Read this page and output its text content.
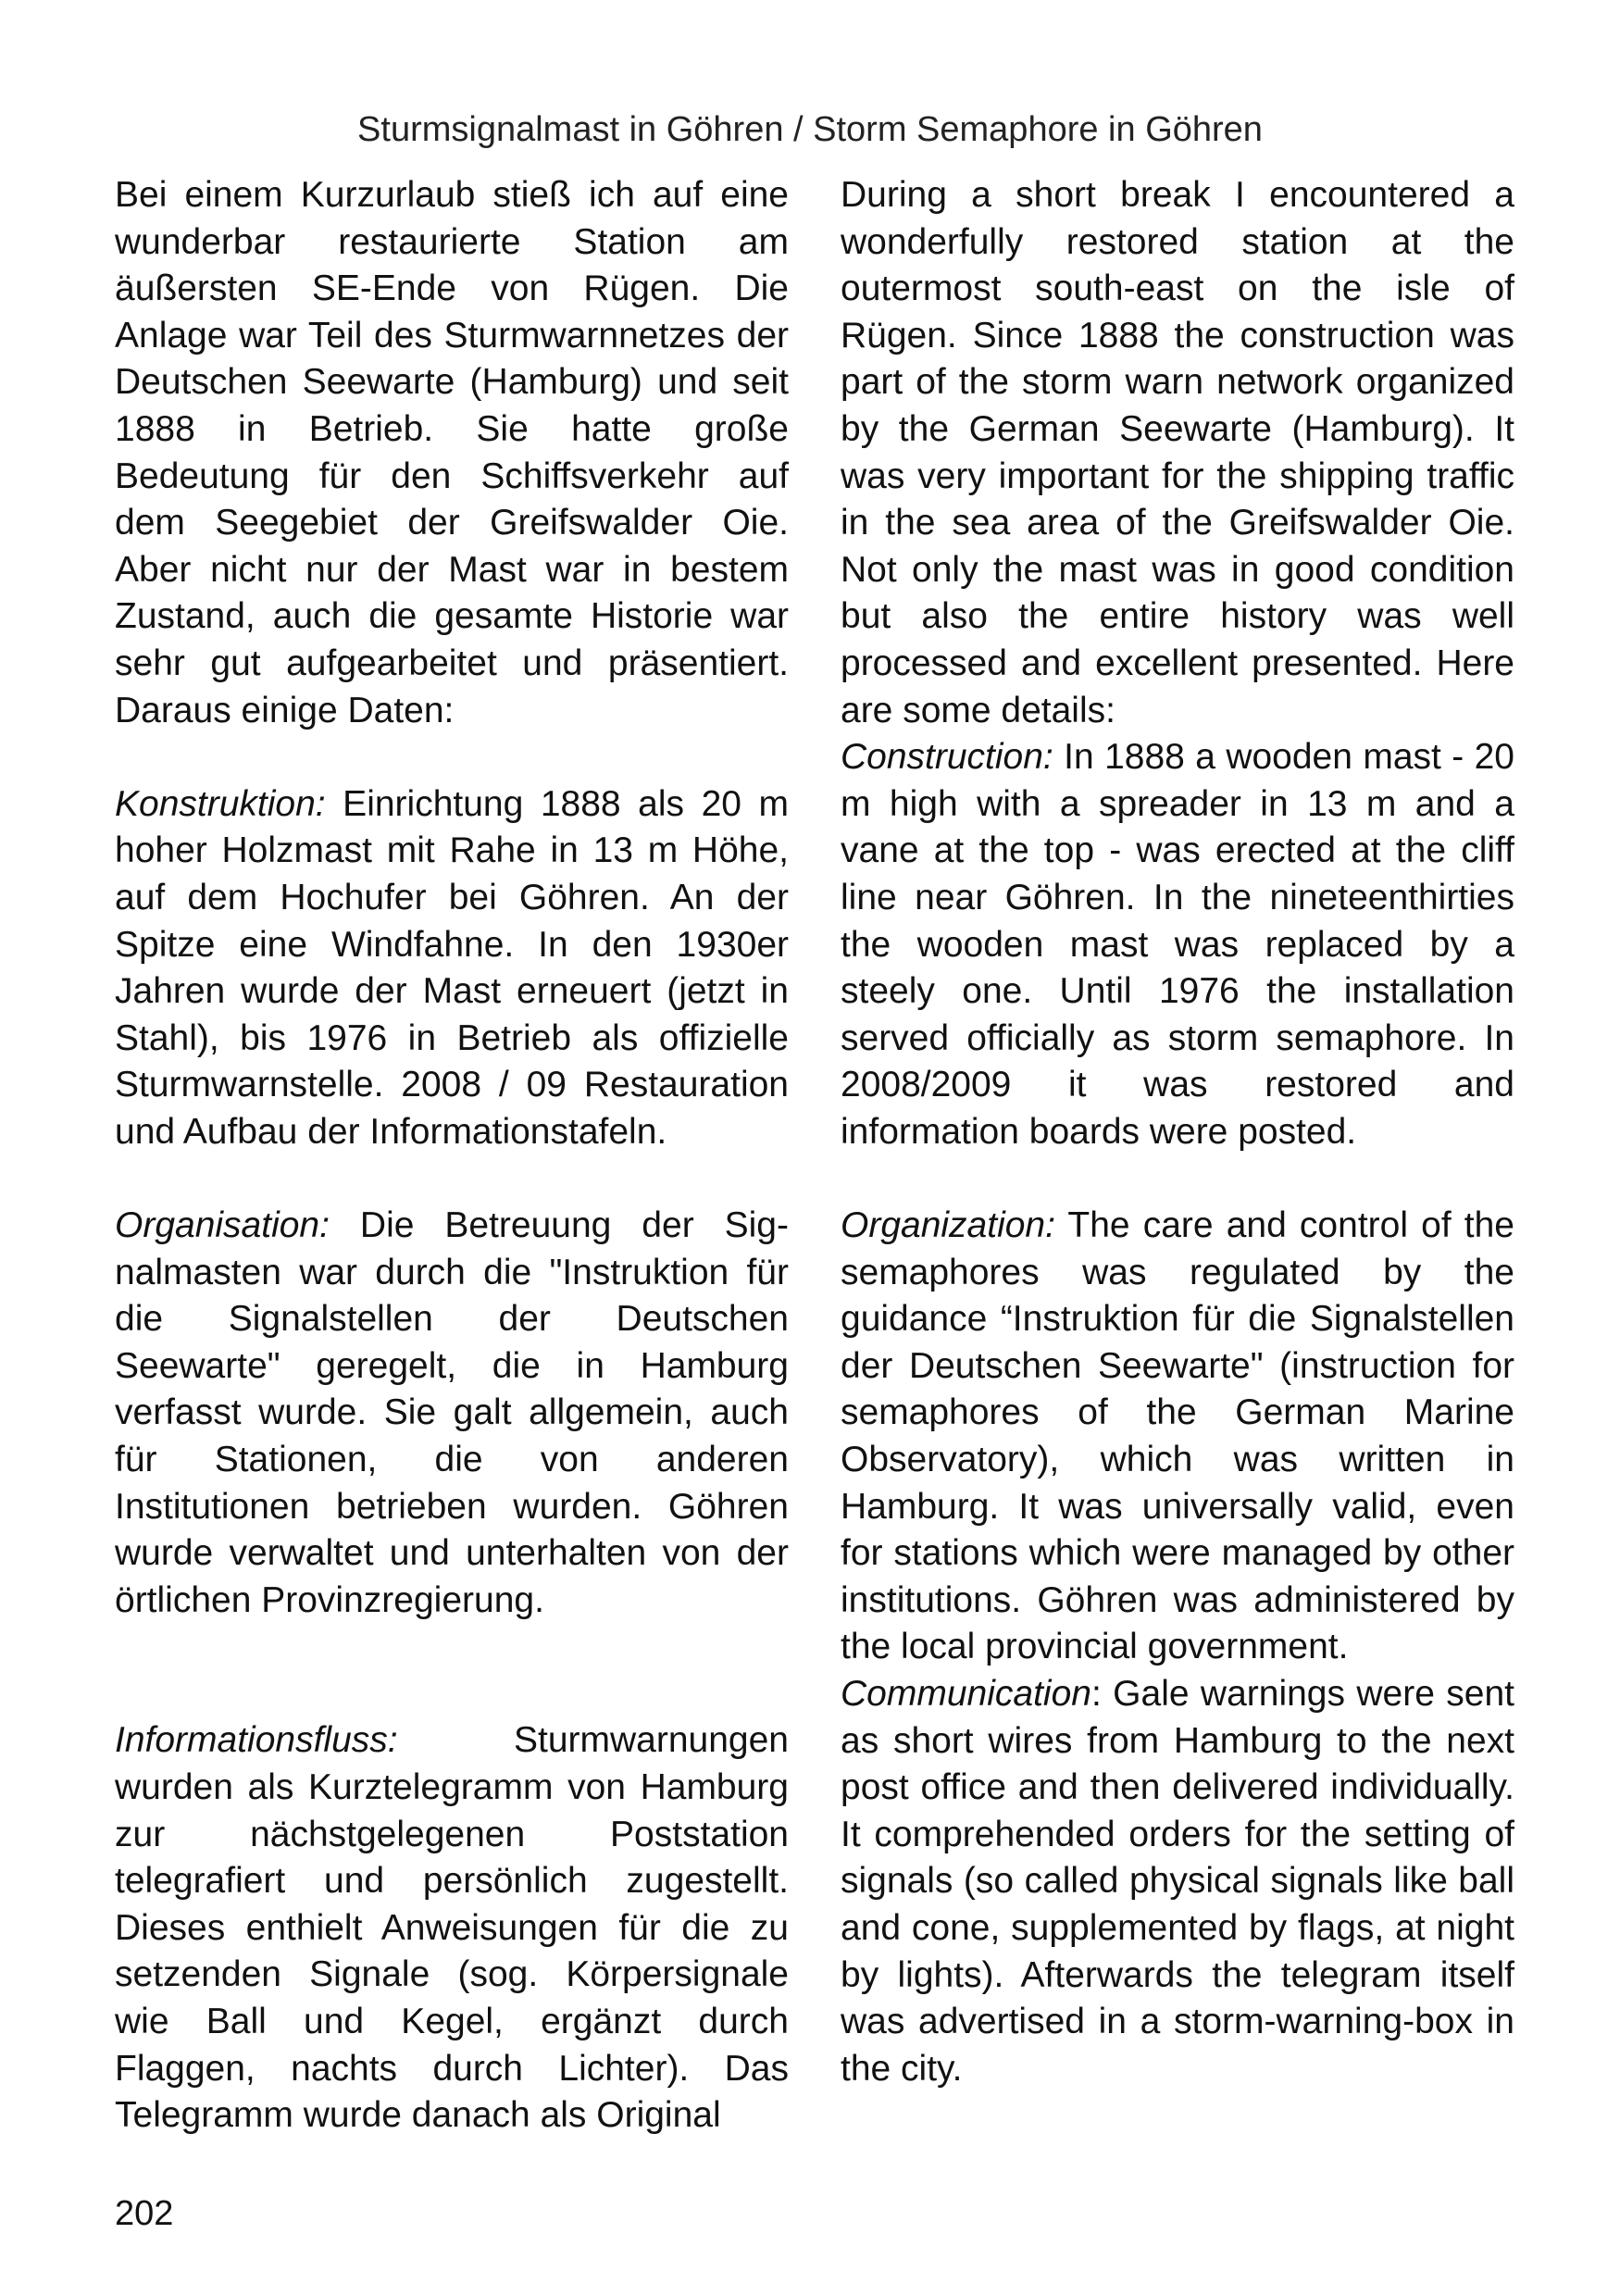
Sturmsignalmast in Göhren / Storm Semaphore in Göhren

Bei einem Kurzurlaub stieß ich auf eine wunderbar restaurierte Station am äußersten SE-Ende von Rügen. Die Anlage war Teil des Sturmwarnnetzes der Deutschen Seewarte (Hamburg) und seit 1888 in Betrieb. Sie hatte große Bedeutung für den Schiffsverkehr auf dem Seegebiet der Greifswalder Oie. Aber nicht nur der Mast war in bestem Zustand, auch die gesamte Historie war sehr gut aufgearbeitet und präsentiert. Daraus einige Daten:

Konstruktion: Einrichtung 1888 als 20 m hoher Holzmast mit Rahe in 13 m Höhe, auf dem Hochufer bei Göhren. An der Spitze eine Windfahne. In den 1930er Jahren wurde der Mast erneuert (jetzt in Stahl), bis 1976 in Betrieb als offizielle Sturmwarnstelle. 2008 / 09 Restauration und Aufbau der Informationstafeln.

Organisation: Die Betreuung der Signalmasten war durch die "Instruktion für die Signalstellen der Deutschen Seewarte" geregelt, die in Hamburg verfasst wurde. Sie galt allgemein, auch für Stationen, die von anderen Institutionen betrieben wurden. Göhren wurde verwaltet und unterhalten von der örtlichen Provinzregierung.

Informationsfluss: Sturmwarnungen wurden als Kurztelegramm von Hamburg zur nächstgelegenen Poststation telegrafiert und persönlich zugestellt. Dieses enthielt Anweisungen für die zu setzenden Signale (sog. Körpersignale wie Ball und Kegel, ergänzt durch Flaggen, nachts durch Lichter). Das Telegramm wurde danach als Original

During a short break I encountered a wonderfully restored station at the outermost south-east on the isle of Rügen. Since 1888 the construction was part of the storm warn network organized by the German Seewarte (Hamburg). It was very important for the shipping traffic in the sea area of the Greifswalder Oie. Not only the mast was in good condition but also the entire history was well processed and excellent presented. Here are some details:

Construction: In 1888 a wooden mast - 20 m high with a spreader in 13 m and a vane at the top - was erected at the cliff line near Göhren. In the nineteenthirties the wooden mast was replaced by a steely one. Until 1976 the installation served officially as storm semaphore. In 2008/2009 it was restored and information boards were posted.

Organization: The care and control of the semaphores was regulated by the guidance “Instruktion für die Signalstellen der Deutschen Seewarte" (instruction for semaphores of the German Marine Observatory), which was written in Hamburg. It was universally valid, even for stations which were managed by other institutions. Göhren was administered by the local provincial government.

Communication: Gale warnings were sent as short wires from Hamburg to the next post office and then delivered individually. It comprehended orders for the setting of signals (so called physical signals like ball and cone, supplemented by flags, at night by lights). Afterwards the telegram itself was advertised in a storm-warning-box in the city.

202
